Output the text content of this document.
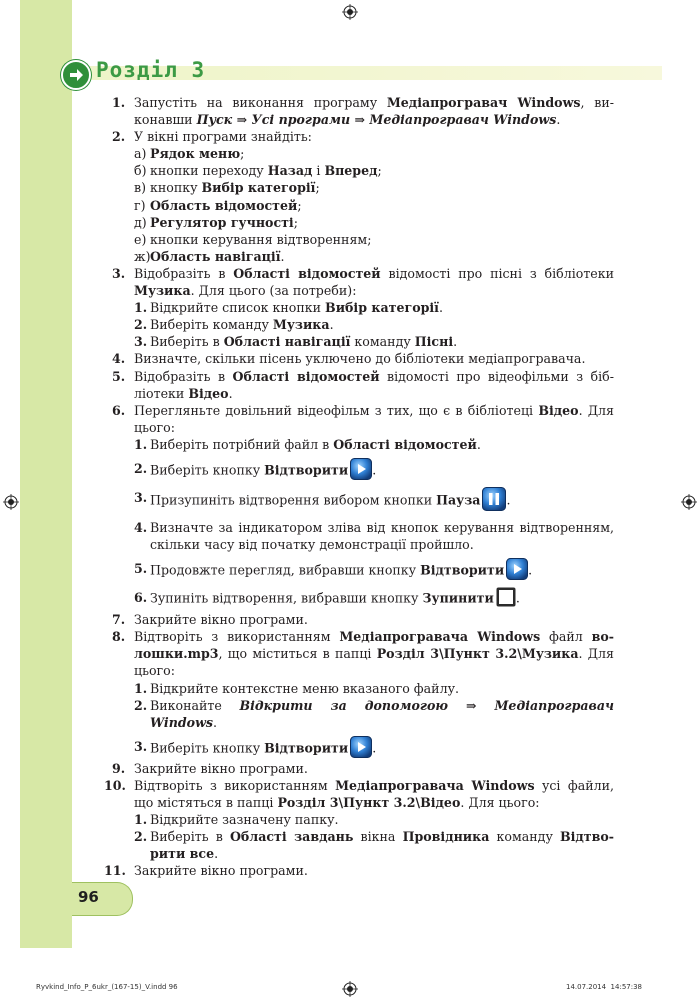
Розділ 3
1. Запустіть на виконання програму Медіапрогравач Windows, виконавши Пуск ⇒ Усі програми ⇒ Медіапрогравач Windows.
2. У вікні програми знайдіть:
а) Рядок меню;
б) кнопки переходу Назад і Вперед;
в) кнопку Вибір категорії;
г) Область відомостей;
д) Регулятор гучності;
е) кнопки керування відтворенням;
ж) Область навігації.
3. Відобразіть в Області відомостей відомості про пісні з бібліотеки Музика. Для цього (за потреби):
1. Відкрийте список кнопки Вибір категорії.
2. Виберіть команду Музика.
3. Виберіть в Області навігації команду Пісні.
4. Визначте, скільки пісень уключено до бібліотеки медіапрогравача.
5. Відобразіть в Області відомостей відомості про відеофільми з бібліотеки Відео.
6. Перегляньте довільний відеофільм з тих, що є в бібліотеці Відео. Для цього:
1. Виберіть потрібний файл в Області відомостей.
2. Виберіть кнопку Відтворити .
3. Призупиніть відтворення вибором кнопки Пауза .
4. Визначте за індикатором зліва від кнопок керування відтворенням, скільки часу від початку демонстрації пройшло.
5. Продовжте перегляд, вибравши кнопку Відтворити .
6. Зупиніть відтворення, вибравши кнопку Зупинити .
7. Закрийте вікно програми.
8. Відтворіть з використанням Медіапрогравача Windows файл волошки.mp3, що міститься в папці Розділ 3\Пункт 3.2\Музика. Для цього:
1. Відкрийте контекстне меню вказаного файлу.
2. Виконайте Відкрити за допомогою ⇒ Медіапрогравач Windows.
3. Виберіть кнопку Відтворити .
9. Закрийте вікно програми.
10. Відтворіть з використанням Медіапрогравача Windows усі файли, що містяться в папці Розділ 3\Пункт 3.2\Відео. Для цього:
1. Відкрийте зазначену папку.
2. Виберіть в Області завдань вікна Провідника команду Відтворити все.
11. Закрийте вікно програми.
96
Rуvkind_Info_P_6ukr_(167-15)_V.indd 96	14.07.2014 14:57:38
